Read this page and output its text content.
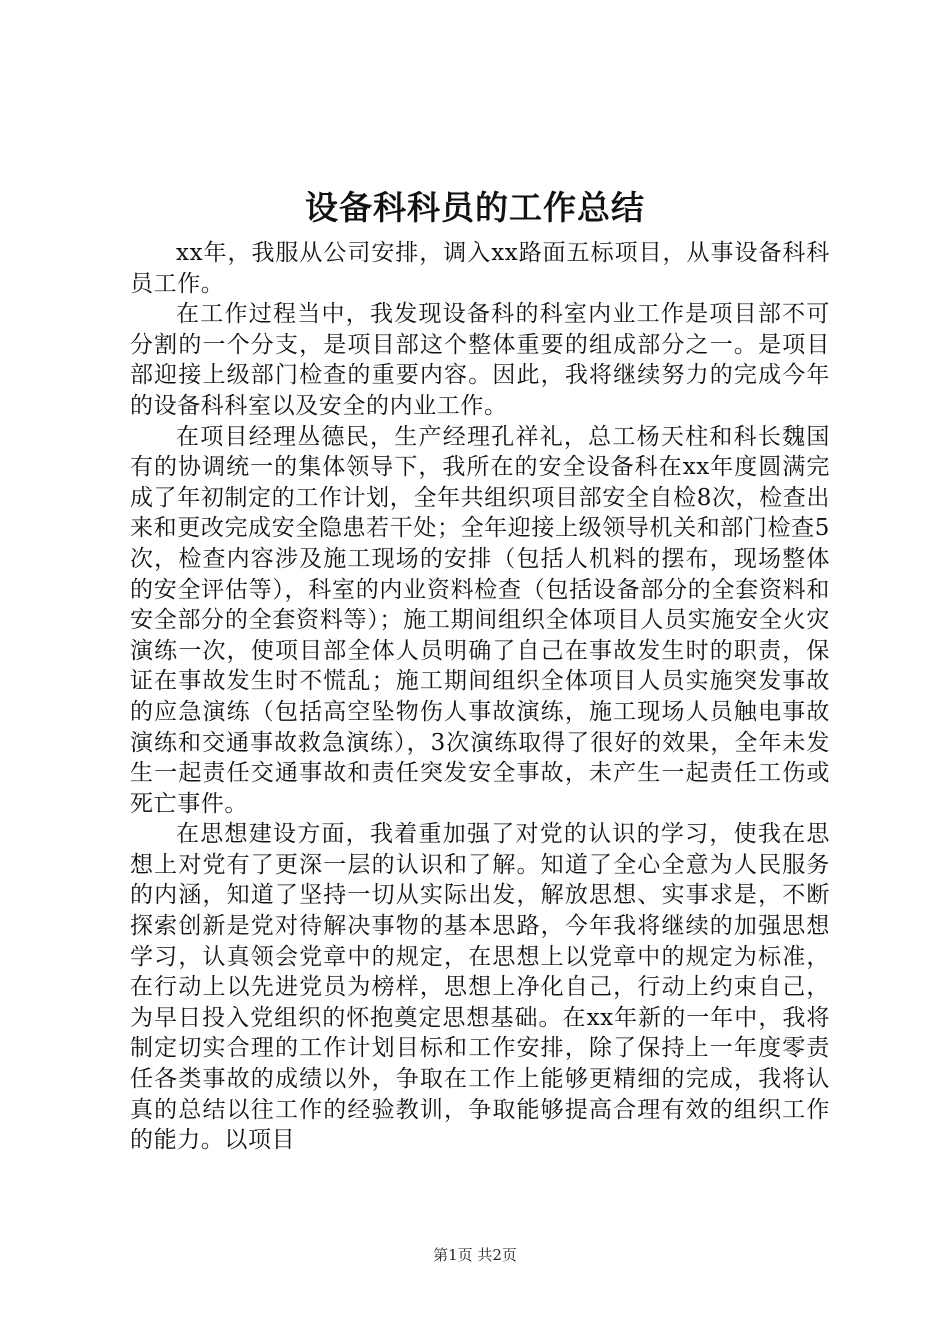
设备科科员的工作总结

xx年，我服从公司安排，调入xx路面五标项目，从事设备科科员工作。

在工作过程当中，我发现设备科的科室内业工作是项目部不可分割的一个分支，是项目部这个整体重要的组成部分之一。是项目部迎接上级部门检查的重要内容。因此，我将继续努力的完成今年的设备科科室以及安全的内业工作。

在项目经理丛德民，生产经理孔祥礼，总工杨天柱和科长魏国有的协调统一的集体领导下，我所在的安全设备科在xx年度圆满完成了年初制定的工作计划，全年共组织项目部安全自检8次，检查出来和更改完成安全隐患若干处；全年迎接上级领导机关和部门检查5次，检查内容涉及施工现场的安排（包括人机料的摆布，现场整体的安全评估等），科室的内业资料检查（包括设备部分的全套资料和安全部分的全套资料等）；施工期间组织全体项目人员实施安全火灾演练一次，使项目部全体人员明确了自己在事故发生时的职责，保证在事故发生时不慌乱；施工期间组织全体项目人员实施突发事故的应急演练（包括高空坠物伤人事故演练，施工现场人员触电事故演练和交通事故救急演练），3次演练取得了很好的效果，全年未发生一起责任交通事故和责任突发安全事故，未产生一起责任工伤或死亡事件。

在思想建设方面，我着重加强了对党的认识的学习，使我在思想上对党有了更深一层的认识和了解。知道了全心全意为人民服务的内涵，知道了坚持一切从实际出发，解放思想、实事求是，不断探索创新是党对待解决事物的基本思路，今年我将继续的加强思想学习，认真领会党章中的规定，在思想上以党章中的规定为标准，在行动上以先进党员为榜样，思想上净化自己，行动上约束自己，为早日投入党组织的怀抱奠定思想基础。在xx年新的一年中，我将制定切实合理的工作计划目标和工作安排，除了保持上一年度零责任各类事故的成绩以外，争取在工作上能够更精细的完成，我将认真的总结以往工作的经验教训，争取能够提高合理有效的组织工作的能力。以项目

第1页 共2页
